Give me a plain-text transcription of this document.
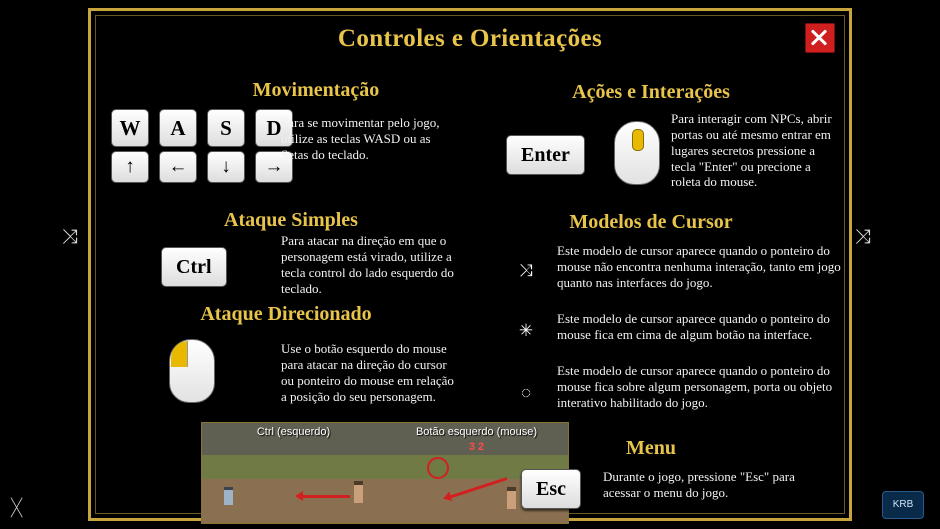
⤨	⤨
ᚷ	KRB
Controles e Orientações
Movimentação
W A S D
↑ ← ↓ →
Para se movimentar pelo jogo, utilize as teclas WASD ou as Setas do teclado.
Ataque Simples
Ctrl
Para atacar na direção em que o personagem está virado, utilize a tecla control do lado esquerdo do teclado.
Ataque Direcionado
Use o botão esquerdo do mouse para atacar na direção do cursor ou ponteiro do mouse em relação a posição do seu personagem.
Ctrl (esquerdo)	Botão esquerdo (mouse)
3 2
Ações e Interações
Enter
Para interagir com NPCs, abrir portas ou até mesmo entrar em lugares secretos pressione a tecla "Enter" ou precione a roleta do mouse.
Modelos de Cursor
⤨
Este modelo de cursor aparece quando o ponteiro do mouse não encontra nenhuma interação, tanto em jogo quanto nas interfaces do jogo.
✳
Este modelo de cursor aparece quando o ponteiro do mouse fica em cima de algum botão na interface.
◌
Este modelo de cursor aparece quando o ponteiro do mouse fica sobre algum personagem, porta ou objeto interativo habilitado do jogo.
Menu
Esc
Durante o jogo, pressione "Esc" para acessar o menu do jogo.
